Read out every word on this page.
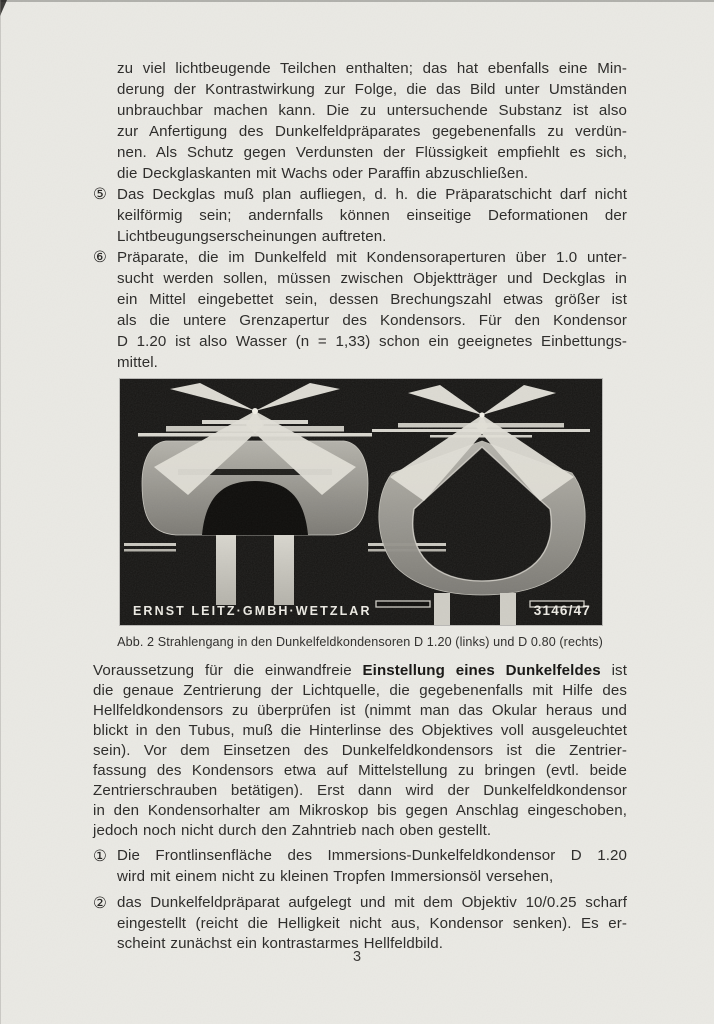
zu viel lichtbeugende Teilchen enthalten; das hat ebenfalls eine Min-
derung der Kontrastwirkung zur Folge, die das Bild unter Umständen
unbrauchbar machen kann. Die zu untersuchende Substanz ist also
zur Anfertigung des Dunkelfeldpräparates gegebenenfalls zu verdün-
nen. Als Schutz gegen Verdunsten der Flüssigkeit empfiehlt es sich,
die Deckglaskanten mit Wachs oder Paraffin abzuschließen.
⑤ Das Deckglas muß plan aufliegen, d. h. die Präparatschicht darf nicht
keilförmig sein; andernfalls können einseitige Deformationen der
Lichtbeugungserscheinungen auftreten.
⑥ Präparate, die im Dunkelfeld mit Kondensoraperturen über 1.0 unter-
sucht werden sollen, müssen zwischen Objektträger und Deckglas in
ein Mittel eingebettet sein, dessen Brechungszahl etwas größer ist
als die untere Grenzapertur des Kondensors. Für den Kondensor
D 1.20 ist also Wasser (n = 1,33) schon ein geeignetes Einbettungs-
mittel.
ERNST LEITZ·GMBH·WETZLAR	3146/47
Abb. 2 Strahlengang in den Dunkelfeldkondensoren D 1.20 (links) und D 0.80 (rechts)
Voraussetzung für die einwandfreie Einstellung eines Dunkelfeldes ist
die genaue Zentrierung der Lichtquelle, die gegebenenfalls mit Hilfe des
Hellfeldkondensors zu überprüfen ist (nimmt man das Okular heraus und
blickt in den Tubus, muß die Hinterlinse des Objektives voll ausgeleuchtet
sein). Vor dem Einsetzen des Dunkelfeldkondensors ist die Zentrier-
fassung des Kondensors etwa auf Mittelstellung zu bringen (evtl. beide
Zentrierschrauben betätigen). Erst dann wird der Dunkelfeldkondensor
in den Kondensorhalter am Mikroskop bis gegen Anschlag eingeschoben,
jedoch noch nicht durch den Zahntrieb nach oben gestellt.
① Die Frontlinsenfläche des Immersions-Dunkelfeldkondensor D 1.20
wird mit einem nicht zu kleinen Tropfen Immersionsöl versehen,
② das Dunkelfeldpräparat aufgelegt und mit dem Objektiv 10/0.25 scharf
eingestellt (reicht die Helligkeit nicht aus, Kondensor senken). Es er-
scheint zunächst ein kontrastarmes Hellfeldbild.
3
